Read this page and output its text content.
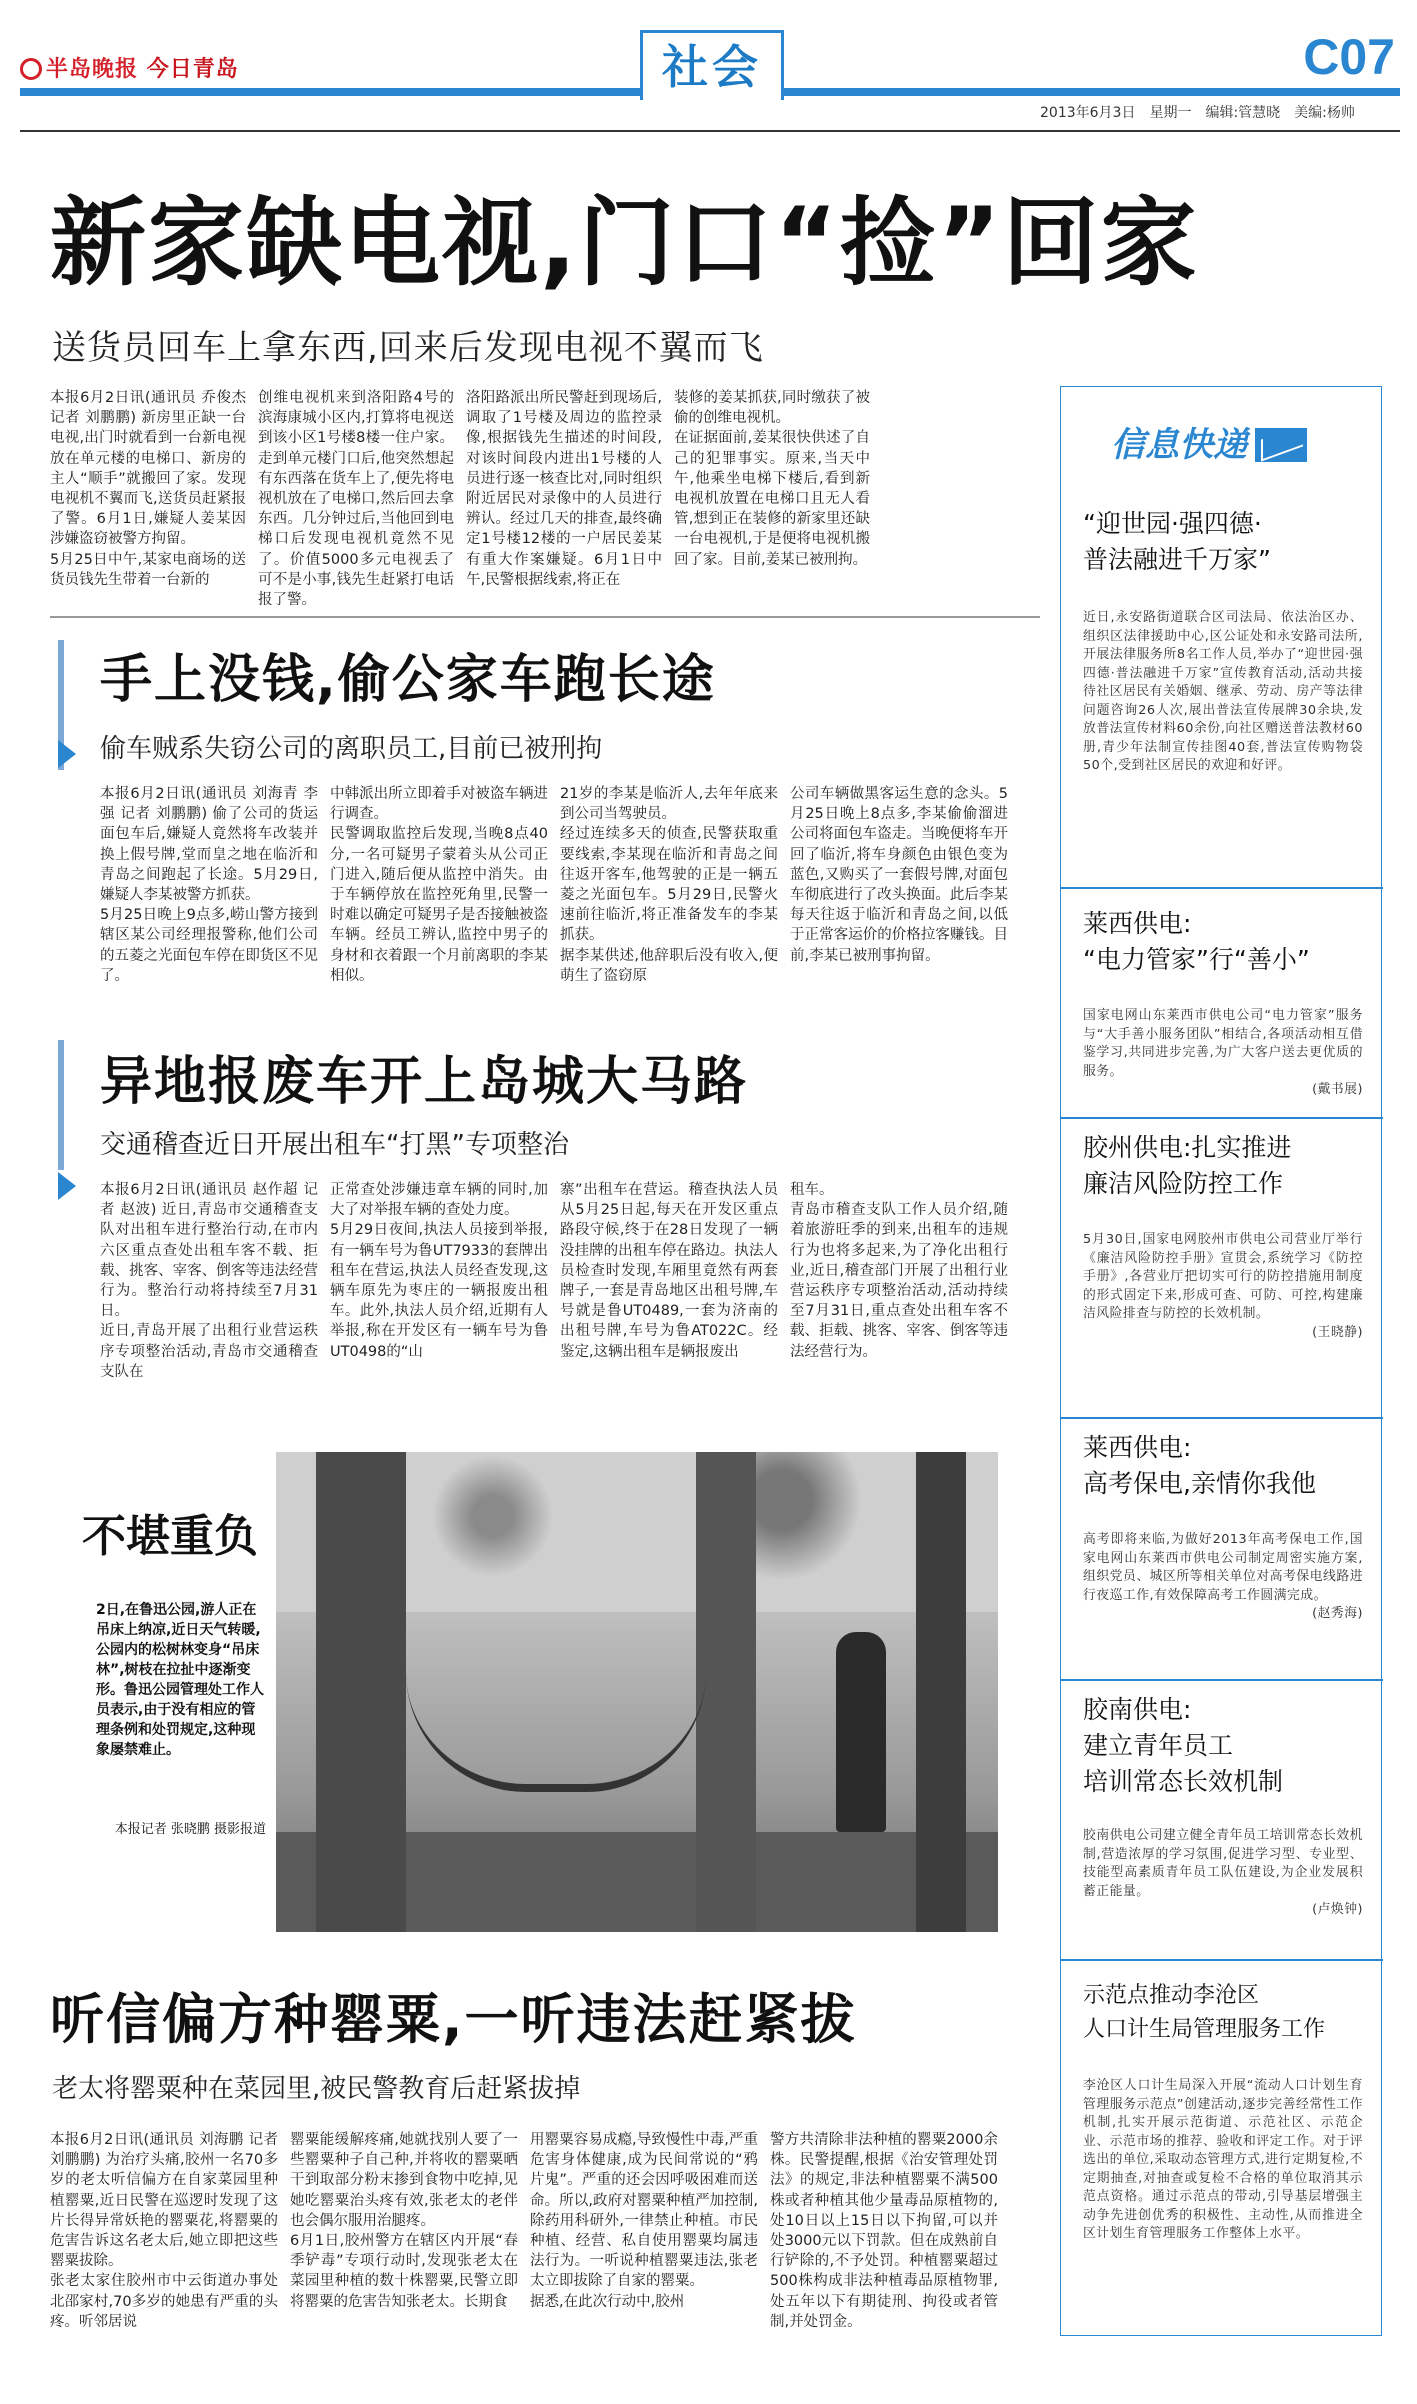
半岛晚报 今日青岛	社会	C07
2013年6月3日 星期一 编辑:管慧晓 美编:杨帅
新家缺电视,门口“捡”回家
送货员回车上拿东西,回来后发现电视不翼而飞
本报6月2日讯(通讯员 乔俊杰 记者 刘鹏鹏) 新房里正缺一台电视,出门时就看到一台新电视放在单元楼的电梯口、新房的主人“顺手”就搬回了家。发现电视机不翼而飞,送货员赶紧报了警。6月1日,嫌疑人姜某因涉嫌盗窃被警方拘留。
5月25日中午,某家电商场的送货员钱先生带着一台新的
创维电视机来到洛阳路4号的滨海康城小区内,打算将电视送到该小区1号楼8楼一住户家。走到单元楼门口后,他突然想起有东西落在货车上了,便先将电视机放在了电梯口,然后回去拿东西。几分钟过后,当他回到电梯口后发现电视机竟然不见了。价值5000多元电视丢了可不是小事,钱先生赶紧打电话报了警。
洛阳路派出所民警赶到现场后,调取了1号楼及周边的监控录像,根据钱先生描述的时间段,对该时间段内进出1号楼的人员进行逐一核查比对,同时组织附近居民对录像中的人员进行辨认。经过几天的排查,最终确定1号楼12楼的一户居民姜某有重大作案嫌疑。6月1日中午,民警根据线索,将正在
装修的姜某抓获,同时缴获了被偷的创维电视机。
在证据面前,姜某很快供述了自己的犯罪事实。原来,当天中午,他乘坐电梯下楼后,看到新电视机放置在电梯口且无人看管,想到正在装修的新家里还缺一台电视机,于是便将电视机搬回了家。目前,姜某已被刑拘。
手上没钱,偷公家车跑长途
偷车贼系失窃公司的离职员工,目前已被刑拘
本报6月2日讯(通讯员 刘海青 李强 记者 刘鹏鹏) 偷了公司的货运面包车后,嫌疑人竟然将车改装并换上假号牌,堂而皇之地在临沂和青岛之间跑起了长途。5月29日,嫌疑人李某被警方抓获。
5月25日晚上9点多,崂山警方接到辖区某公司经理报警称,他们公司的五菱之光面包车停在即货区不见了。
中韩派出所立即着手对被盗车辆进行调查。
民警调取监控后发现,当晚8点40分,一名可疑男子蒙着头从公司正门进入,随后便从监控中消失。由于车辆停放在监控死角里,民警一时难以确定可疑男子是否接触被盗车辆。经员工辨认,监控中男子的身材和衣着跟一个月前离职的李某相似。
21岁的李某是临沂人,去年年底来到公司当驾驶员。
经过连续多天的侦查,民警获取重要线索,李某现在临沂和青岛之间往返开客车,他驾驶的正是一辆五菱之光面包车。5月29日,民警火速前往临沂,将正准备发车的李某抓获。
据李某供述,他辞职后没有收入,便萌生了盗窃原
公司车辆做黑客运生意的念头。5月25日晚上8点多,李某偷偷溜进公司将面包车盗走。当晚便将车开回了临沂,将车身颜色由银色变为蓝色,又购买了一套假号牌,对面包车彻底进行了改头换面。此后李某每天往返于临沂和青岛之间,以低于正常客运价的价格拉客赚钱。目前,李某已被刑事拘留。
异地报废车开上岛城大马路
交通稽查近日开展出租车“打黑”专项整治
本报6月2日讯(通讯员 赵作超 记者 赵波) 近日,青岛市交通稽查支队对出租车进行整治行动,在市内六区重点查处出租车客不载、拒载、挑客、宰客、倒客等违法经营行为。整治行动将持续至7月31日。
近日,青岛开展了出租行业营运秩序专项整治活动,青岛市交通稽查支队在
正常查处涉嫌违章车辆的同时,加大了对举报车辆的查处力度。
5月29日夜间,执法人员接到举报,有一辆车号为鲁UT7933的套牌出租车在营运,执法人员经查发现,这辆车原先为枣庄的一辆报废出租车。此外,执法人员介绍,近期有人举报,称在开发区有一辆车号为鲁UT0498的“山
寨”出租车在营运。稽查执法人员从5月25日起,每天在开发区重点路段守候,终于在28日发现了一辆没挂牌的出租车停在路边。执法人员检查时发现,车厢里竟然有两套牌子,一套是青岛地区出租号牌,车号就是鲁UT0489,一套为济南的出租号牌,车号为鲁AT022C。经鉴定,这辆出租车是辆报废出
租车。
青岛市稽查支队工作人员介绍,随着旅游旺季的到来,出租车的违规行为也将多起来,为了净化出租行业,近日,稽查部门开展了出租行业营运秩序专项整治活动,活动持续至7月31日,重点查处出租车客不载、拒载、挑客、宰客、倒客等违法经营行为。
不堪重负
2日,在鲁迅公园,游人正在吊床上纳凉,近日天气转暖,公园内的松树林变身“吊床林”,树枝在拉扯中逐渐变形。鲁迅公园管理处工作人员表示,由于没有相应的管理条例和处罚规定,这种现象屡禁难止。
本报记者 张晓鹏 摄影报道
听信偏方种罂粟,一听违法赶紧拔
老太将罂粟种在菜园里,被民警教育后赶紧拔掉
本报6月2日讯(通讯员 刘海鹏 记者 刘鹏鹏) 为治疗头痛,胶州一名70多岁的老太听信偏方在自家菜园里种植罂粟,近日民警在巡逻时发现了这片长得异常妖艳的罂粟花,将罂粟的危害告诉这名老太后,她立即把这些罂粟拔除。
张老太家住胶州市中云街道办事处北邵家村,70多岁的她患有严重的头疼。听邻居说
罂粟能缓解疼痛,她就找别人要了一些罂粟种子自己种,并将收的罂粟晒干到取部分粉末掺到食物中吃掉,见她吃罂粟治头疼有效,张老太的老伴也会偶尔服用治腿疼。
6月1日,胶州警方在辖区内开展“春季铲毒”专项行动时,发现张老太在菜园里种植的数十株罂粟,民警立即将罂粟的危害告知张老太。长期食
用罂粟容易成瘾,导致慢性中毒,严重危害身体健康,成为民间常说的“鸦片鬼”。严重的还会因呼吸困难而送命。所以,政府对罂粟种植严加控制,除药用科研外,一律禁止种植。市民种植、经营、私自使用罂粟均属违法行为。一听说种植罂粟违法,张老太立即拔除了自家的罂粟。
据悉,在此次行动中,胶州
警方共清除非法种植的罂粟2000余株。民警提醒,根据《治安管理处罚法》的规定,非法种植罂粟不满500株或者种植其他少量毒品原植物的,处10日以上15日以下拘留,可以并处3000元以下罚款。但在成熟前自行铲除的,不予处罚。种植罂粟超过500株构成非法种植毒品原植物罪,处五年以下有期徒刑、拘役或者管制,并处罚金。
信息快递
“迎世园·强四德·
普法融进千万家”
近日,永安路街道联合区司法局、依法治区办、组织区法律援助中心,区公证处和永安路司法所,开展法律服务所8名工作人员,举办了“迎世园·强四德·普法融进千万家”宣传教育活动,活动共接待社区居民有关婚姻、继承、劳动、房产等法律问题咨询26人次,展出普法宣传展牌30余块,发放普法宣传材料60余份,向社区赠送普法教材60册,青少年法制宣传挂图40套,普法宣传购物袋50个,受到社区居民的欢迎和好评。
莱西供电:
“电力管家”行“善小”
国家电网山东莱西市供电公司“电力管家”服务与“大手善小服务团队”相结合,各项活动相互借鉴学习,共同进步完善,为广大客户送去更优质的服务。
(戴书展)
胶州供电:扎实推进
廉洁风险防控工作
5月30日,国家电网胶州市供电公司营业厅举行《廉洁风险防控手册》宣贯会,系统学习《防控手册》,各营业厅把切实可行的防控措施用制度的形式固定下来,形成可查、可防、可控,构建廉洁风险排查与防控的长效机制。
(王晓静)
莱西供电:
高考保电,亲情你我他
高考即将来临,为做好2013年高考保电工作,国家电网山东莱西市供电公司制定周密实施方案,组织党员、城区所等相关单位对高考保电线路进行夜巡工作,有效保障高考工作圆满完成。
(赵秀海)
胶南供电:
建立青年员工
培训常态长效机制
胶南供电公司建立健全青年员工培训常态长效机制,营造浓厚的学习氛围,促进学习型、专业型、技能型高素质青年员工队伍建设,为企业发展积蓄正能量。
(卢焕钟)
示范点推动李沧区
人口计生局管理服务工作
李沧区人口计生局深入开展“流动人口计划生育管理服务示范点”创建活动,逐步完善经常性工作机制,扎实开展示范街道、示范社区、示范企业、示范市场的推荐、验收和评定工作。对于评选出的单位,采取动态管理方式,进行定期复检,不定期抽查,对抽查或复检不合格的单位取消其示范点资格。通过示范点的带动,引导基层增强主动争先进创优秀的积极性、主动性,从而推进全区计划生育管理服务工作整体上水平。
